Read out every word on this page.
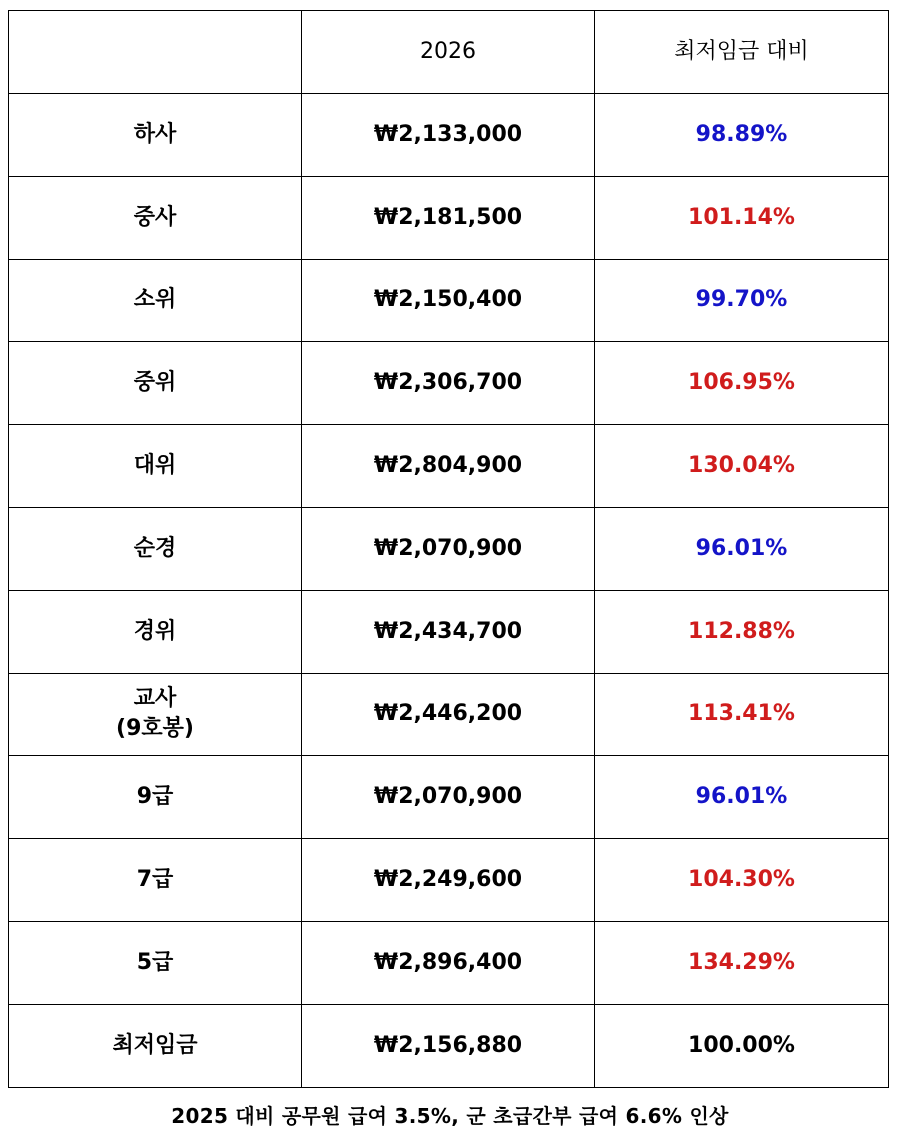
	2026	최저임금 대비
하사	₩2,133,000	98.89%
중사	₩2,181,500	101.14%
소위	₩2,150,400	99.70%
중위	₩2,306,700	106.95%
대위	₩2,804,900	130.04%
순경	₩2,070,900	96.01%
경위	₩2,434,700	112.88%
교사
(9호봉)	₩2,446,200	113.41%
9급	₩2,070,900	96.01%
7급	₩2,249,600	104.30%
5급	₩2,896,400	134.29%
최저임금	₩2,156,880	100.00%
2025 대비 공무원 급여 3.5%, 군 초급간부 급여 6.6% 인상
